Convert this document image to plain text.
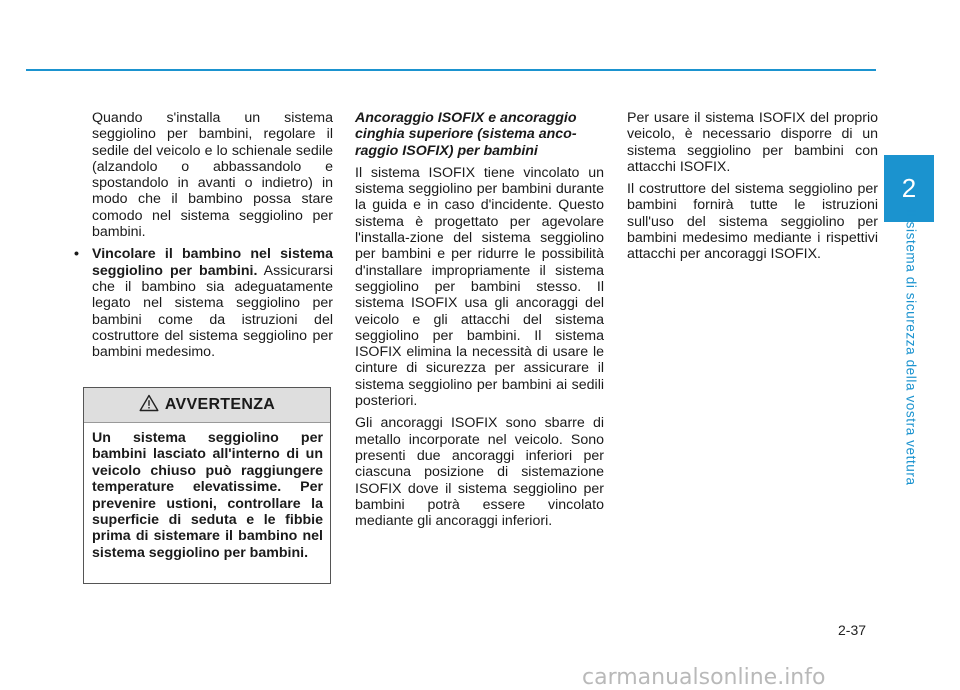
Quando s'installa un sistema seggiolino per bambini, regolare il sedile del veicolo e lo schienale sedile (alzandolo o abbassandolo e spostandolo in avanti o indietro) in modo che il bambino possa stare comodo nel sistema seggiolino per bambini.

• Vincolare il bambino nel sistema seggiolino per bambini. Assicurarsi che il bambino sia adeguatamente legato nel sistema seggiolino per bambini come da istruzioni del costruttore del sistema seggiolino per bambini medesimo.

AVVERTENZA
Un sistema seggiolino per bambini lasciato all'interno di un veicolo chiuso può raggiungere temperature elevatissime. Per prevenire ustioni, controllare la superficie di seduta e le fibbie prima di sistemare il bambino nel sistema seggiolino per bambini.

Ancoraggio ISOFIX e ancoraggio cinghia superiore (sistema anco-raggio ISOFIX) per bambini

Il sistema ISOFIX tiene vincolato un sistema seggiolino per bambini durante la guida e in caso d'incidente. Questo sistema è progettato per agevolare l'installa-zione del sistema seggiolino per bambini e per ridurre le possibilità d'installare impropriamente il sistema seggiolino per bambini stesso. Il sistema ISOFIX usa gli ancoraggi del veicolo e gli attacchi del sistema seggiolino per bambini. Il sistema ISOFIX elimina la necessità di usare le cinture di sicurezza per assicurare il sistema seggiolino per bambini ai sedili posteriori.

Gli ancoraggi ISOFIX sono sbarre di metallo incorporate nel veicolo. Sono presenti due ancoraggi inferiori per ciascuna posizione di sistemazione ISOFIX dove il sistema seggiolino per bambini potrà essere vincolato mediante gli ancoraggi inferiori.

Per usare il sistema ISOFIX del proprio veicolo, è necessario disporre di un sistema seggiolino per bambini con attacchi ISOFIX.

Il costruttore del sistema seggiolino per bambini fornirà tutte le istruzioni sull'uso del sistema seggiolino per bambini medesimo mediante i rispettivi attacchi per ancoraggi ISOFIX.

2
Il sistema di sicurezza della vostra vettura
2-37
carmanualsonline.info
